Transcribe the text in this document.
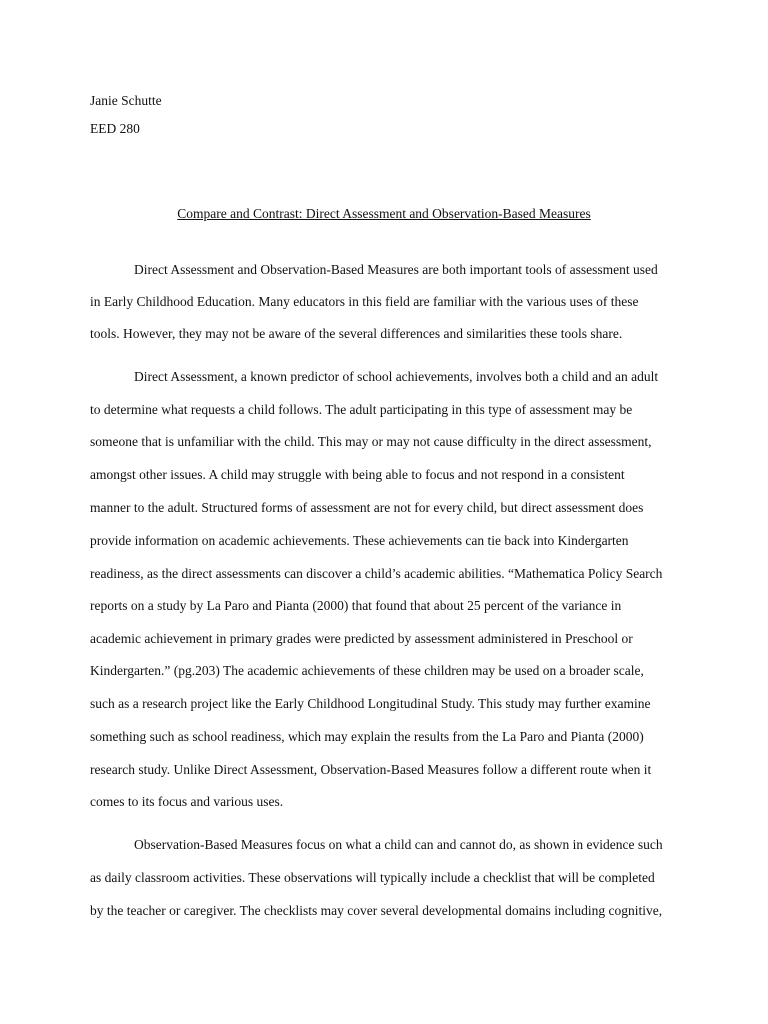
Janie Schutte
EED 280
Compare and Contrast: Direct Assessment and Observation-Based Measures
Direct Assessment and Observation-Based Measures are both important tools of assessment used
in Early Childhood Education. Many educators in this field are familiar with the various uses of these
tools. However, they may not be aware of the several differences and similarities these tools share.
Direct Assessment, a known predictor of school achievements, involves both a child and an adult
to determine what requests a child follows. The adult participating in this type of assessment may be
someone that is unfamiliar with the child. This may or may not cause difficulty in the direct assessment,
amongst other issues. A child may struggle with being able to focus and not respond in a consistent
manner to the adult. Structured forms of assessment are not for every child, but direct assessment does
provide information on academic achievements. These achievements can tie back into Kindergarten
readiness, as the direct assessments can discover a child’s academic abilities. “Mathematica Policy Search
reports on a study by La Paro and Pianta (2000) that found that about 25 percent of the variance in
academic achievement in primary grades were predicted by assessment administered in Preschool or
Kindergarten.” (pg.203) The academic achievements of these children may be used on a broader scale,
such as a research project like the Early Childhood Longitudinal Study. This study may further examine
something such as school readiness, which may explain the results from the La Paro and Pianta (2000)
research study. Unlike Direct Assessment, Observation-Based Measures follow a different route when it
comes to its focus and various uses.
Observation-Based Measures focus on what a child can and cannot do, as shown in evidence such
as daily classroom activities. These observations will typically include a checklist that will be completed
by the teacher or caregiver. The checklists may cover several developmental domains including cognitive,
